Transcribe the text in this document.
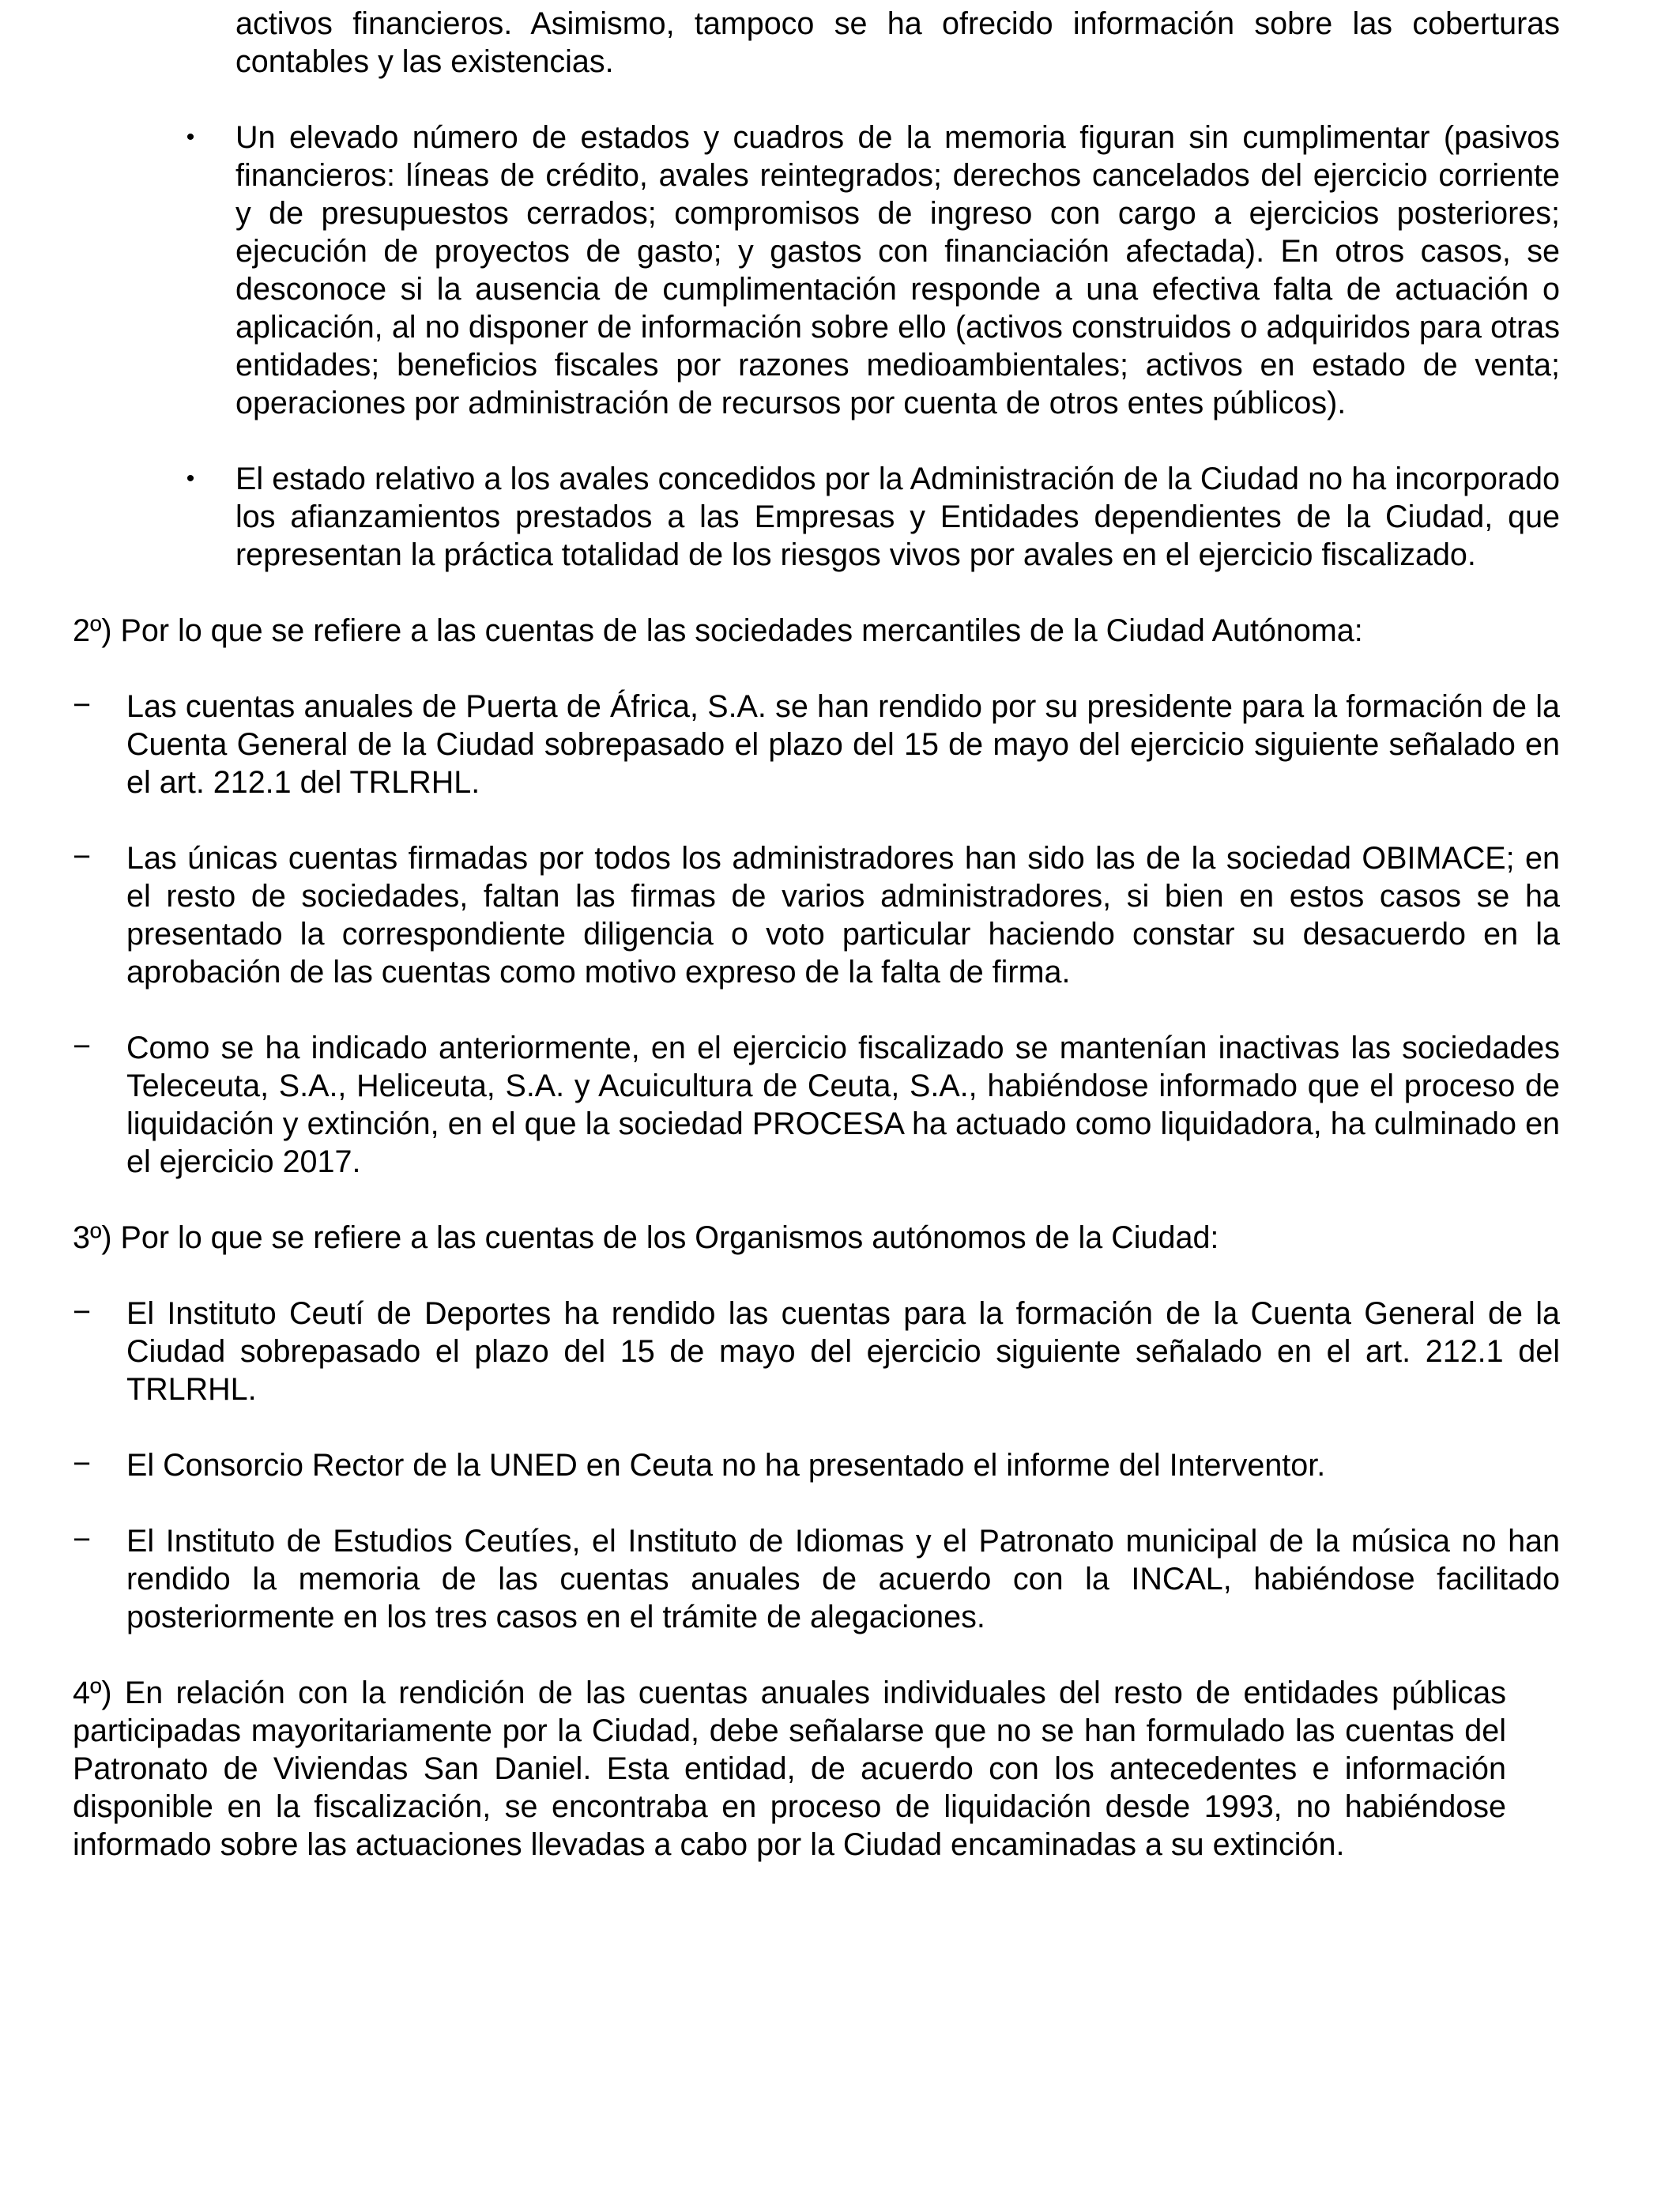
activos financieros. Asimismo, tampoco se ha ofrecido información sobre las coberturas contables y las existencias.

• Un elevado número de estados y cuadros de la memoria figuran sin cumplimentar (pasivos financieros: líneas de crédito, avales reintegrados; derechos cancelados del ejercicio corriente y de presupuestos cerrados; compromisos de ingreso con cargo a ejercicios posteriores; ejecución de proyectos de gasto; y gastos con financiación afectada). En otros casos, se desconoce si la ausencia de cumplimentación responde a una efectiva falta de actuación o aplicación, al no disponer de información sobre ello (activos construidos o adquiridos para otras entidades; beneficios fiscales por razones medioambientales; activos en estado de venta; operaciones por administración de recursos por cuenta de otros entes públicos).

• El estado relativo a los avales concedidos por la Administración de la Ciudad no ha incorporado los afianzamientos prestados a las Empresas y Entidades dependientes de la Ciudad, que representan la práctica totalidad de los riesgos vivos por avales en el ejercicio fiscalizado.

2º) Por lo que se refiere a las cuentas de las sociedades mercantiles de la Ciudad Autónoma:

− Las cuentas anuales de Puerta de África, S.A. se han rendido por su presidente para la formación de la Cuenta General de la Ciudad sobrepasado el plazo del 15 de mayo del ejercicio siguiente señalado en el art. 212.1 del TRLRHL.

− Las únicas cuentas firmadas por todos los administradores han sido las de la sociedad OBIMACE; en el resto de sociedades, faltan las firmas de varios administradores, si bien en estos casos se ha presentado la correspondiente diligencia o voto particular haciendo constar su desacuerdo en la aprobación de las cuentas como motivo expreso de la falta de firma.

− Como se ha indicado anteriormente, en el ejercicio fiscalizado se mantenían inactivas las sociedades Teleceuta, S.A., Heliceuta, S.A. y Acuicultura de Ceuta, S.A., habiéndose informado que el proceso de liquidación y extinción, en el que la sociedad PROCESA ha actuado como liquidadora, ha culminado en el ejercicio 2017.

3º) Por lo que se refiere a las cuentas de los Organismos autónomos de la Ciudad:

− El Instituto Ceutí de Deportes ha rendido las cuentas para la formación de la Cuenta General de la Ciudad sobrepasado el plazo del 15 de mayo del ejercicio siguiente señalado en el art. 212.1 del TRLRHL.

− El Consorcio Rector de la UNED en Ceuta no ha presentado el informe del Interventor.

− El Instituto de Estudios Ceutíes, el Instituto de Idiomas y el Patronato municipal de la música no han rendido la memoria de las cuentas anuales de acuerdo con la INCAL, habiéndose facilitado posteriormente en los tres casos en el trámite de alegaciones.

4º) En relación con la rendición de las cuentas anuales individuales del resto de entidades públicas participadas mayoritariamente por la Ciudad, debe señalarse que no se han formulado las cuentas del Patronato de Viviendas San Daniel. Esta entidad, de acuerdo con los antecedentes e información disponible en la fiscalización, se encontraba en proceso de liquidación desde 1993, no habiéndose informado sobre las actuaciones llevadas a cabo por la Ciudad encaminadas a su extinción.
